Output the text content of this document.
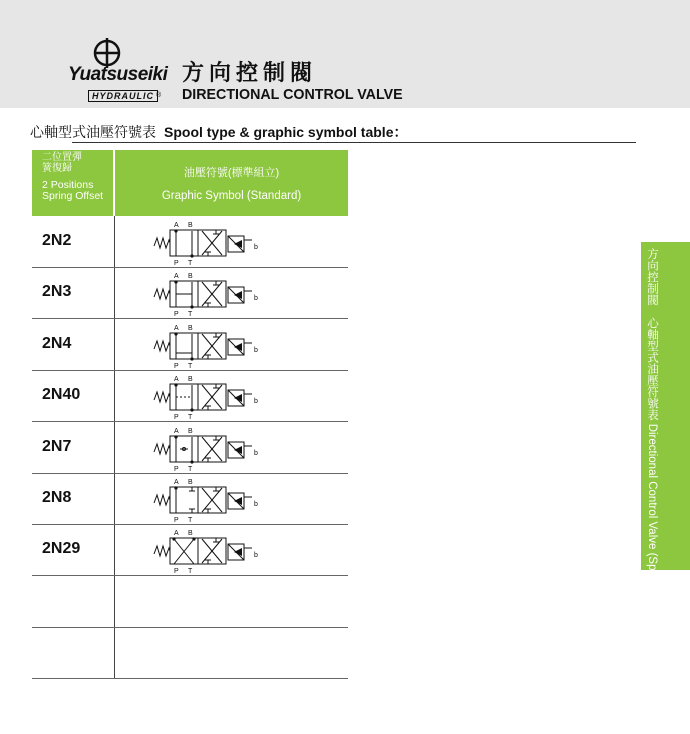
Yuatsuseiki
HYDRAULIC ®
方向控制閥
DIRECTIONAL CONTROL VALVE
心軸型式油壓符號表 Spool type & graphic symbol table：
二位置彈簧復歸
2 Positions Spring Offset
油壓符號(標準組立)
Graphic Symbol (Standard)
2N2
A B
P T
b
2N3
A B
P T
b
2N4
A B
P T
b
2N40
A B
P T
b
2N7
A B
P T
b
2N8
A B
P T
b
2N29
A B
P T
b	方向控制閥　心軸型式油壓符號表 Directional Control Valve (Spool type & graphic symbol table)
